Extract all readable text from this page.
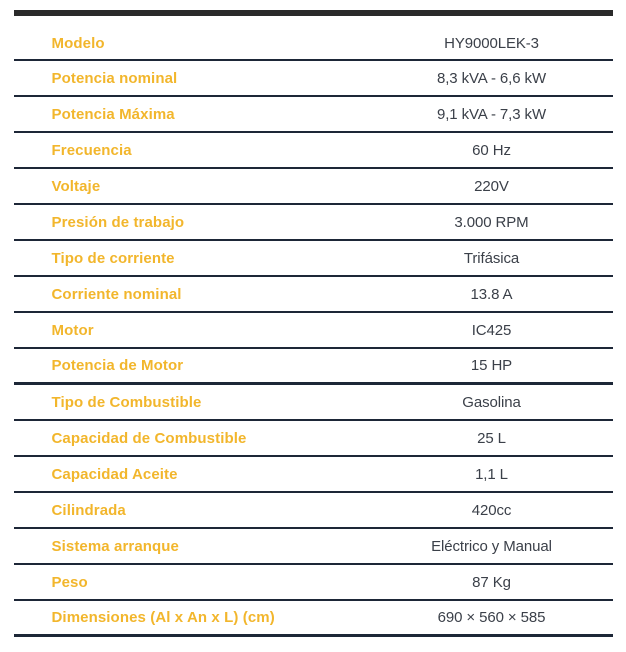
Modelo	HY9000LEK-3
Potencia nominal	8,3 kVA - 6,6 kW
Potencia Máxima	9,1 kVA - 7,3 kW
Frecuencia	60 Hz
Voltaje	220V
Presión de trabajo	3.000 RPM
Tipo de corriente	Trifásica
Corriente nominal	13.8 A
Motor	IC425
Potencia de Motor	15 HP
Tipo de Combustible	Gasolina
Capacidad de Combustible	25 L
Capacidad Aceite	1,1 L
Cilindrada	420cc
Sistema arranque	Eléctrico y Manual
Peso	87 Kg
Dimensiones (Al x An x L) (cm)	690 × 560 × 585
